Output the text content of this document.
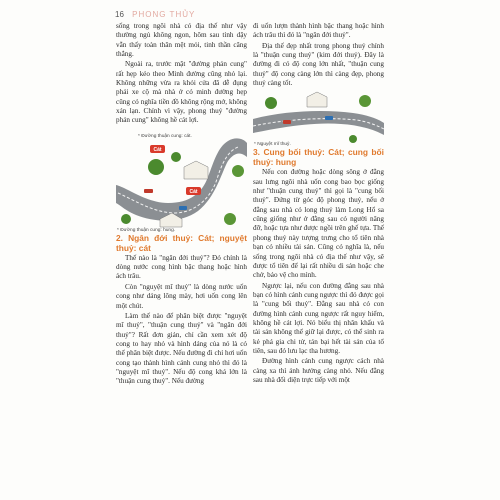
16 PHONG THỦY

sống trong ngôi nhà có địa thế như vậy thường ngủ không ngon, hôm sau tỉnh dậy vẫn thấy toàn thân mệt mỏi, tinh thần căng thẳng.

Ngoài ra, trước mặt "đường phản cung" rất hẹp kéo theo Minh đường cũng nhỏ lại. Không những vừa ra khỏi cửa đã dễ đụng phải xe cộ mà nhà ở có minh đường hẹp cũng có nghĩa tiền đồ không rộng mở, không xán lạn. Chính vì vậy, phong thuỷ "đường phản cung" không hề cát lợi.

* Đường thuận cung: cát.
Cát
Cát
* Đường thuận cung: hung.

2. Ngân đới thuỷ: Cát; nguyệt thuỷ: cát

Thế nào là "ngân đới thuỷ"? Đó chính là dòng nước cong hình bậc thang hoặc hình ách trâu.

Còn "nguyệt mĩ thuỷ" là dòng nước uốn cong như dáng lông mày, hơi uốn cong lên một chút.

Làm thế nào để phân biệt được "nguyệt mĩ thuỷ", "thuận cung thuỷ" và "ngân đới thuỷ"? Rất đơn giản, chỉ cần xem xét độ cong to hay nhỏ và hình dáng của nó là có thể phân biệt được. Nếu đường đi chỉ hơi uốn cong tạo thành hình cánh cung nhỏ thì đó là "nguyệt mĩ thuỷ". Nếu độ cong khá lớn là "thuận cung thuỷ". Nếu đường

đi uốn lượn thành hình bậc thang hoặc hình ách trâu thì đó là "ngân đới thuỷ".

Địa thế đẹp nhất trong phong thuỷ chính là "thuận cung thuỷ" (kim đới thuỷ). Đây là đường đi có độ cong lớn nhất, "thuận cung thuỷ" độ cong càng lớn thì càng đẹp, phong thuỷ càng tốt.

* Nguyệt mĩ thuỷ.

3. Cung bối thuỷ: Cát; cung bối thuỷ: hung

Nếu con đường hoặc dòng sông ở đằng sau lưng ngôi nhà uốn cong bao bọc giống như "thuận cung thuỷ" thì gọi là "cung bối thuỷ". Đứng từ góc độ phong thuỷ, nếu ở đằng sau nhà có long thuỷ làm Long Hổ sa cũng giống như ở đằng sau có người nâng đỡ, hoặc tựa như được ngồi trên ghế tựa. Thế phong thuỷ này tượng trưng cho tổ tiên nhà bạn có nhiều tài sản. Cũng có nghĩa là, nếu sống trong ngôi nhà có địa thế như vậy, sẽ được tổ tiên để lại rất nhiều di sản hoặc che chở, bảo vệ cho mình.

Ngược lại, nếu con đường đằng sau nhà bạn có hình cánh cung ngược thì đó được gọi là "cung bối thuỷ". Đằng sau nhà có con đường hình cánh cung ngược rất nguy hiểm, không hề cát lợi. Nó biểu thị nhân khẩu và tài sản không thể giữ lại được, có thể sinh ra kẻ phá gia chi tử, tán bại hết tài sản của tổ tiên, sau đó lưu lạc tha hương.

Đường hình cánh cung ngược cách nhà càng xa thì ảnh hưởng càng nhỏ. Nếu đằng sau nhà đối diện trực tiếp với một
